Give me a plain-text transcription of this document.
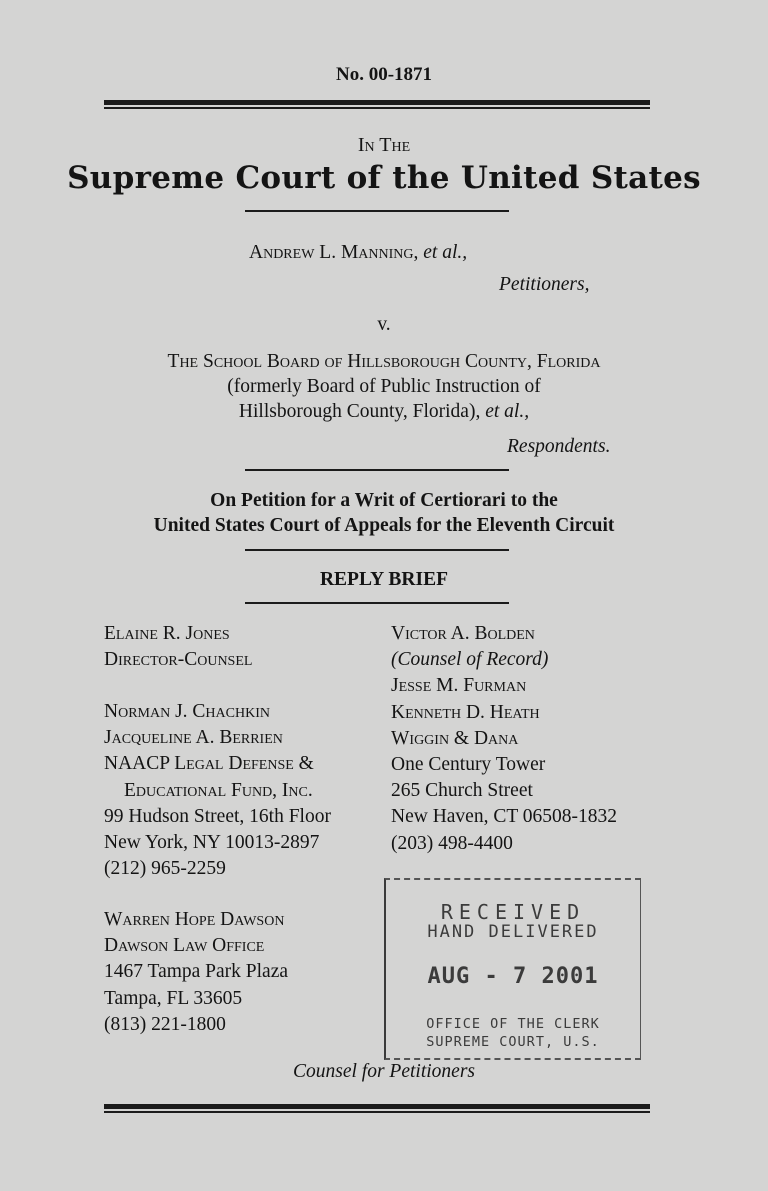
No. 00-1871
In The
Supreme Court of the United States
Andrew L. Manning, et al.,
Petitioners,
v.
The School Board of Hillsborough County, Florida
(formerly Board of Public Instruction of
Hillsborough County, Florida), et al.,
Respondents.
On Petition for a Writ of Certiorari to the
United States Court of Appeals for the Eleventh Circuit
REPLY BRIEF
Elaine R. Jones
Director-Counsel
Norman J. Chachkin
Jacqueline A. Berrien
NAACP Legal Defense &
Educational Fund, Inc.
99 Hudson Street, 16th Floor
New York, NY 10013-2897
(212) 965-2259
Warren Hope Dawson
Dawson Law Office
1467 Tampa Park Plaza
Tampa, FL 33605
(813) 221-1800
Victor A. Bolden
(Counsel of Record)
Jesse M. Furman
Kenneth D. Heath
Wiggin & Dana
One Century Tower
265 Church Street
New Haven, CT 06508-1832
(203) 498-4400
RECEIVED
HAND DELIVERED
AUG - 7 2001
OFFICE OF THE CLERK
SUPREME COURT, U.S.
Counsel for Petitioners
